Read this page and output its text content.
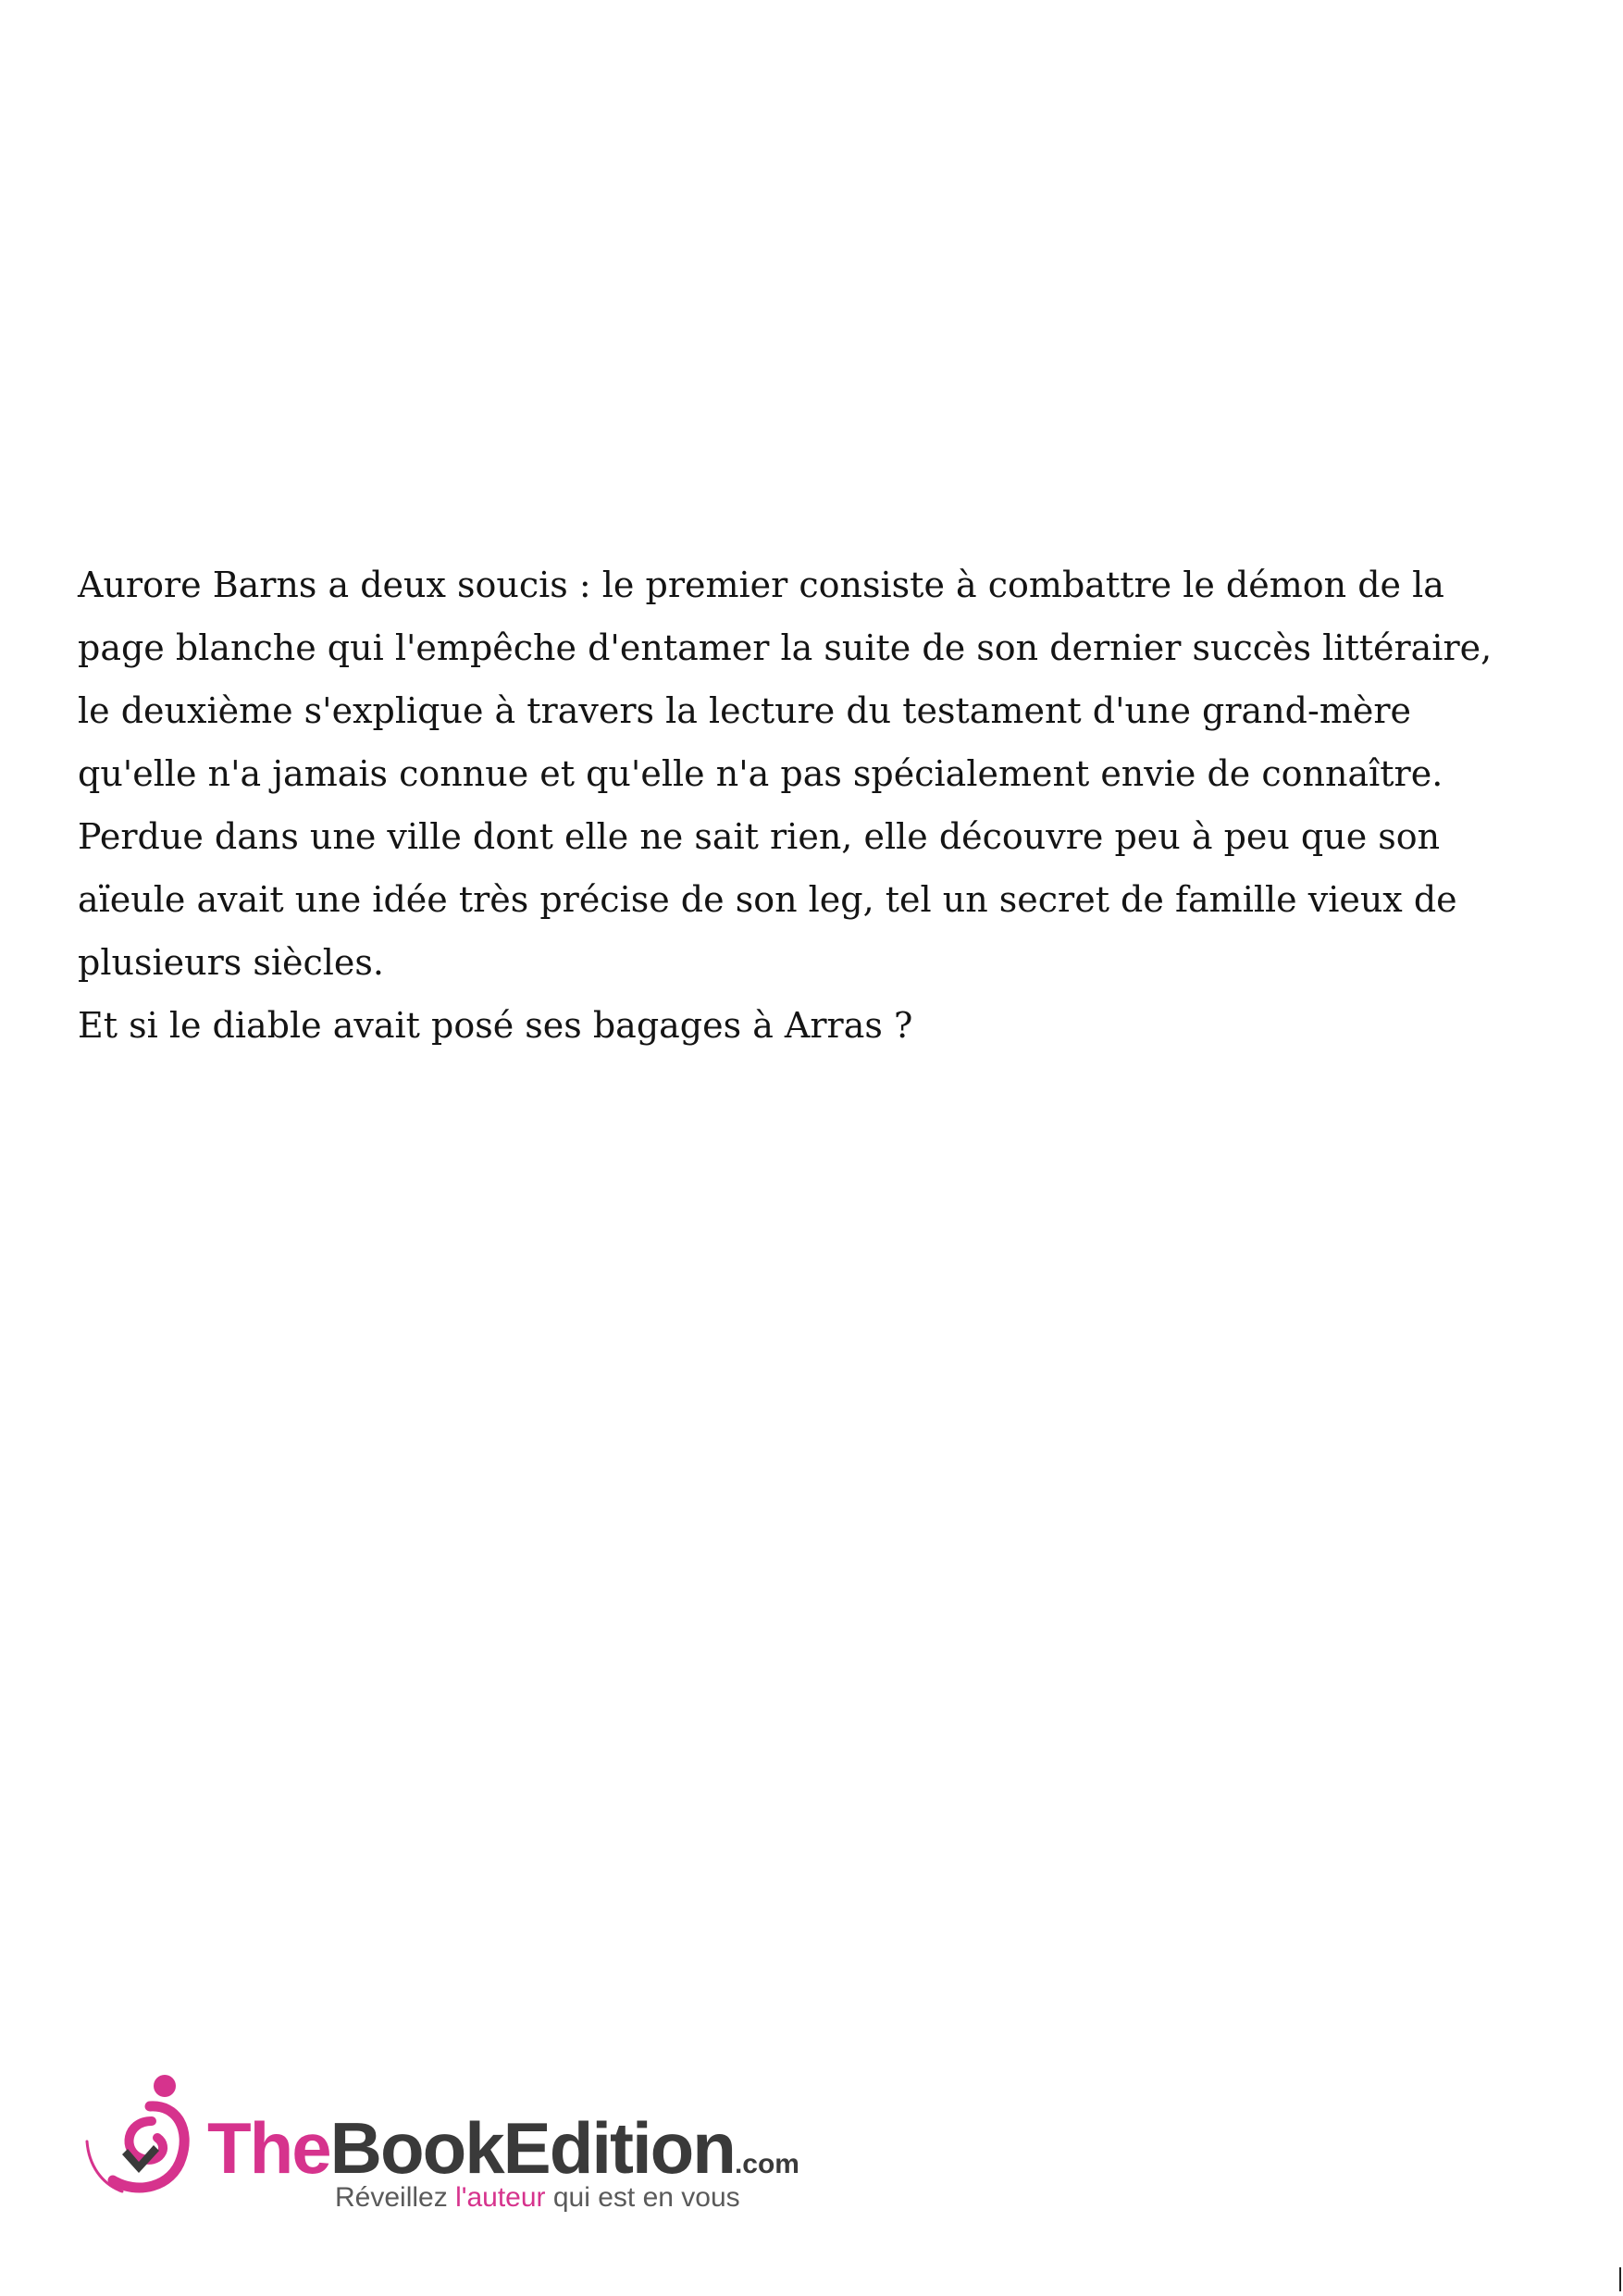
Aurore Barns a deux soucis : le premier consiste à combattre le démon de la
page blanche qui l'empêche d'entamer la suite de son dernier succès littéraire,
le deuxième s'explique à travers la lecture du testament d'une grand-mère
qu'elle n'a jamais connue et qu'elle n'a pas spécialement envie de connaître.
Perdue dans une ville dont elle ne sait rien, elle découvre peu à peu que son
aïeule avait une idée très précise de son leg, tel un secret de famille vieux de
plusieurs siècles.
Et si le diable avait posé ses bagages à Arras ?

TheBookEdition.com
Réveillez l'auteur qui est en vous
